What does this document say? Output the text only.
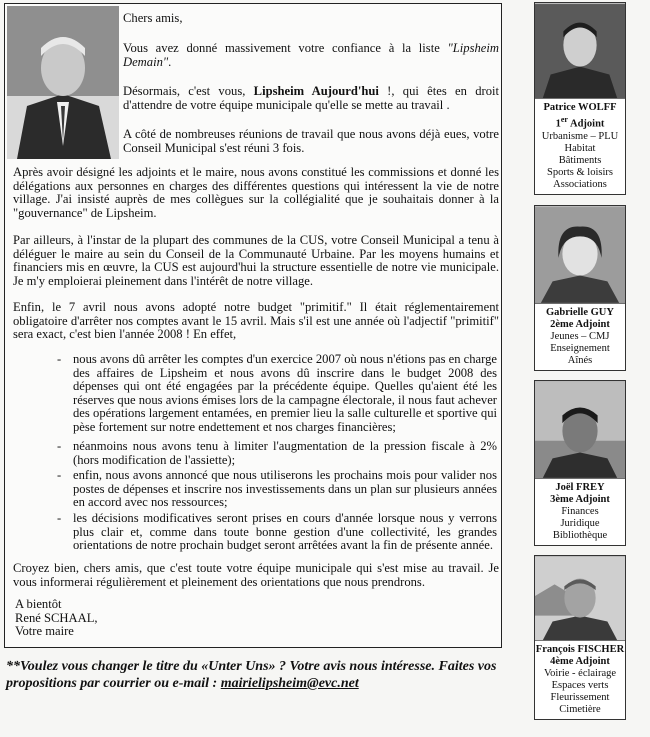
Chers amis,

Vous avez donné massivement votre confiance à la liste "Lipsheim Demain".

Désormais, c'est vous, Lipsheim Aujourd'hui !, qui êtes en droit d'attendre de votre équipe municipale qu'elle se mette au travail .

A côté de nombreuses réunions de travail que nous avons déjà eues, votre Conseil Municipal s'est réuni 3 fois.

Après avoir désigné les adjoints et le maire, nous avons constitué les commissions et donné les délégations aux personnes en charges des différentes questions qui intéressent la vie de notre village. J'ai insisté auprès de mes collègues sur la collégialité que je souhaitais donner à la "gouvernance" de Lipsheim.

Par ailleurs, à l'instar de la plupart des communes de la CUS, votre Conseil Municipal a tenu à déléguer le maire au sein du Conseil de la Communauté Urbaine. Par les moyens humains et financiers mis en œuvre, la CUS est aujourd'hui la structure essentielle de notre vie municipale. Je m'y emploierai pleinement dans l'intérêt de notre village.

Enfin, le 7 avril nous avons adopté notre budget "primitif." Il était réglementairement obligatoire d'arrêter nos comptes avant le 15 avril. Mais s'il est une année où l'adjectif "primitif" sera exact, c'est bien l'année 2008 ! En effet,

- nous avons dû arrêter les comptes d'un exercice 2007 où nous n'étions pas en charge des affaires de Lipsheim et nous avons dû inscrire dans le budget 2008 des dépenses qui ont été engagées par la précédente équipe. Quelles qu'aient été les réserves que nous avions émises lors de la campagne électorale, il nous faut achever des opérations largement entamées, en premier lieu la salle culturelle et sportive qui pèse fortement sur notre endettement et nos charges financières;
- néanmoins nous avons tenu à limiter l'augmentation de la pression fiscale à 2% (hors modification de l'assiette);
- enfin, nous avons annoncé que nous utiliserons les prochains mois pour valider nos postes de dépenses et inscrire nos investissements dans un plan sur plusieurs années en accord avec nos ressources;
- les décisions modificatives seront prises en cours d'année lorsque nous y verrons plus clair et, comme dans toute bonne gestion d'une collectivité, les grandes orientations de notre prochain budget seront arrêtées avant la fin de présente année.

Croyez bien, chers amis, que c'est toute votre équipe municipale qui s'est mise au travail. Je vous informerai régulièrement et pleinement des orientations que nous prendrons.

A bientôt
René SCHAAL,
Votre maire
**Voulez vous changer le titre du «Unter Uns» ? Votre avis nous intéresse. Faites vos propositions par courrier ou e-mail : mairielipsheim@evc.net
Patrice WOLFF
1er Adjoint
Urbanisme – PLU
Habitat
Bâtiments
Sports & loisirs
Associations
Gabrielle GUY
2ème Adjoint
Jeunes – CMJ
Enseignement
Aînés
Joël FREY
3ème Adjoint
Finances
Juridique
Bibliothèque
François FISCHER
4ème Adjoint
Voirie - éclairage
Espaces verts
Fleurissement
Cimetière
